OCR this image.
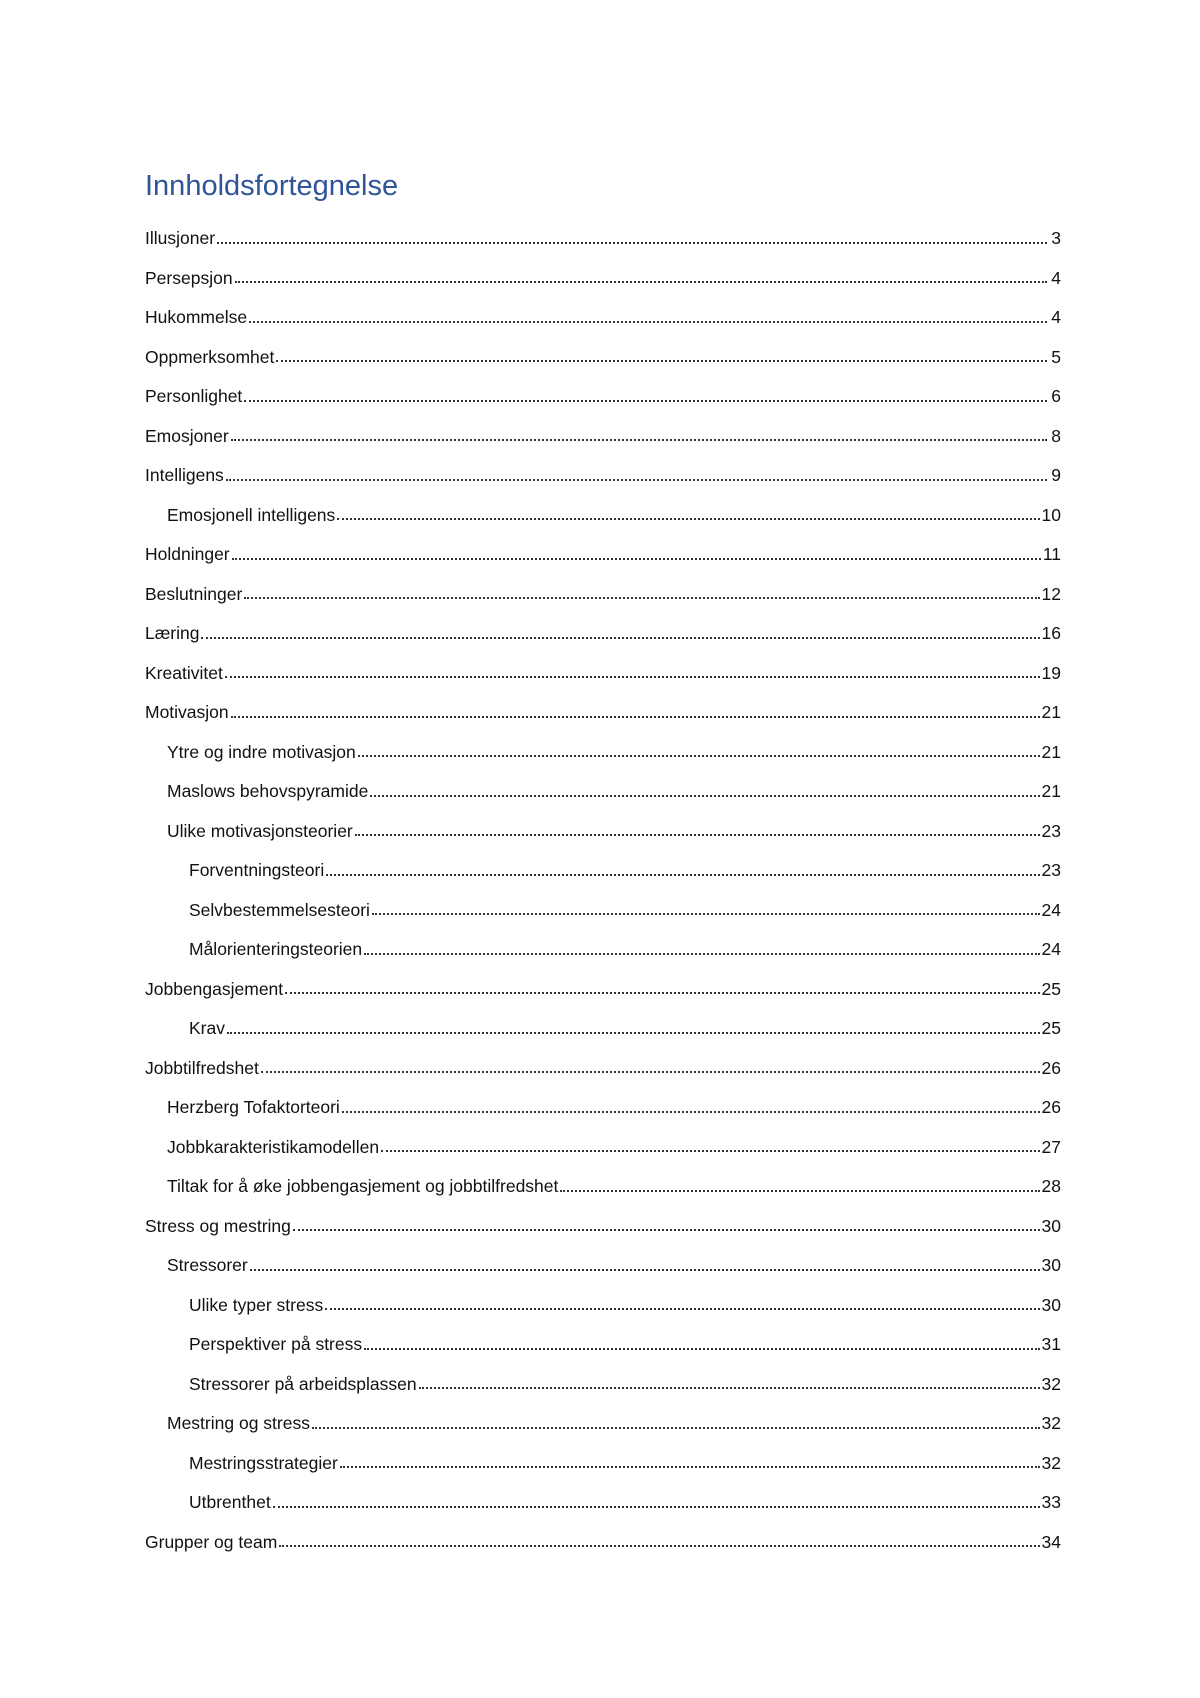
Innholdsfortegnelse
Illusjoner	3
Persepsjon	4
Hukommelse	4
Oppmerksomhet	5
Personlighet	6
Emosjoner	8
Intelligens	9
Emosjonell intelligens	10
Holdninger	11
Beslutninger	12
Læring	16
Kreativitet	19
Motivasjon	21
Ytre og indre motivasjon	21
Maslows behovspyramide	21
Ulike motivasjonsteorier	23
Forventningsteori	23
Selvbestemmelsesteori	24
Målorienteringsteorien	24
Jobbengasjement	25
Krav	25
Jobbtilfredshet	26
Herzberg Tofaktorteori	26
Jobbkarakteristikamodellen	27
Tiltak for å øke jobbengasjement og jobbtilfredshet	28
Stress og mestring	30
Stressorer	30
Ulike typer stress	30
Perspektiver på stress	31
Stressorer på arbeidsplassen	32
Mestring og stress	32
Mestringsstrategier	32
Utbrenthet	33
Grupper og team	34
